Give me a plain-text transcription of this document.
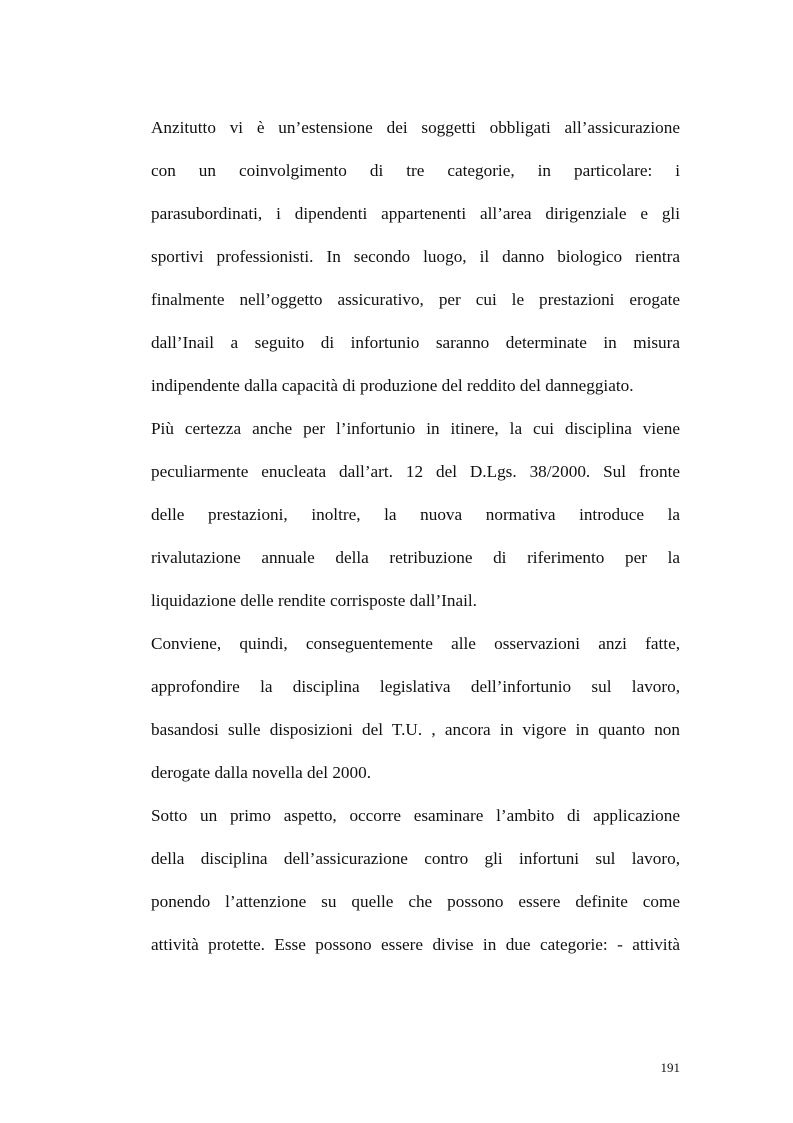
Anzitutto vi è un’estensione dei soggetti obbligati all’assicurazione
con un coinvolgimento di tre categorie, in particolare: i
parasubordinati, i dipendenti appartenenti all’area dirigenziale e gli
sportivi professionisti. In secondo luogo, il danno biologico rientra
finalmente nell’oggetto assicurativo, per cui le prestazioni erogate
dall’Inail a seguito di infortunio saranno determinate in misura
indipendente dalla capacità di produzione del reddito del danneggiato.
Più certezza anche per l’infortunio in itinere, la cui disciplina viene
peculiarmente enucleata dall’art. 12 del D.Lgs. 38/2000. Sul fronte
delle prestazioni, inoltre, la nuova normativa introduce la
rivalutazione annuale della retribuzione di riferimento per la
liquidazione delle rendite corrisposte dall’Inail.
Conviene, quindi, conseguentemente alle osservazioni anzi fatte,
approfondire la disciplina legislativa dell’infortunio sul lavoro,
basandosi sulle disposizioni del T.U. , ancora in vigore in quanto non
derogate dalla novella del 2000.
Sotto un primo aspetto, occorre esaminare l’ambito di applicazione
della disciplina dell’assicurazione contro gli infortuni sul lavoro,
ponendo l’attenzione su quelle che possono essere definite come
attività protette. Esse possono essere divise in due categorie: - attività
191
